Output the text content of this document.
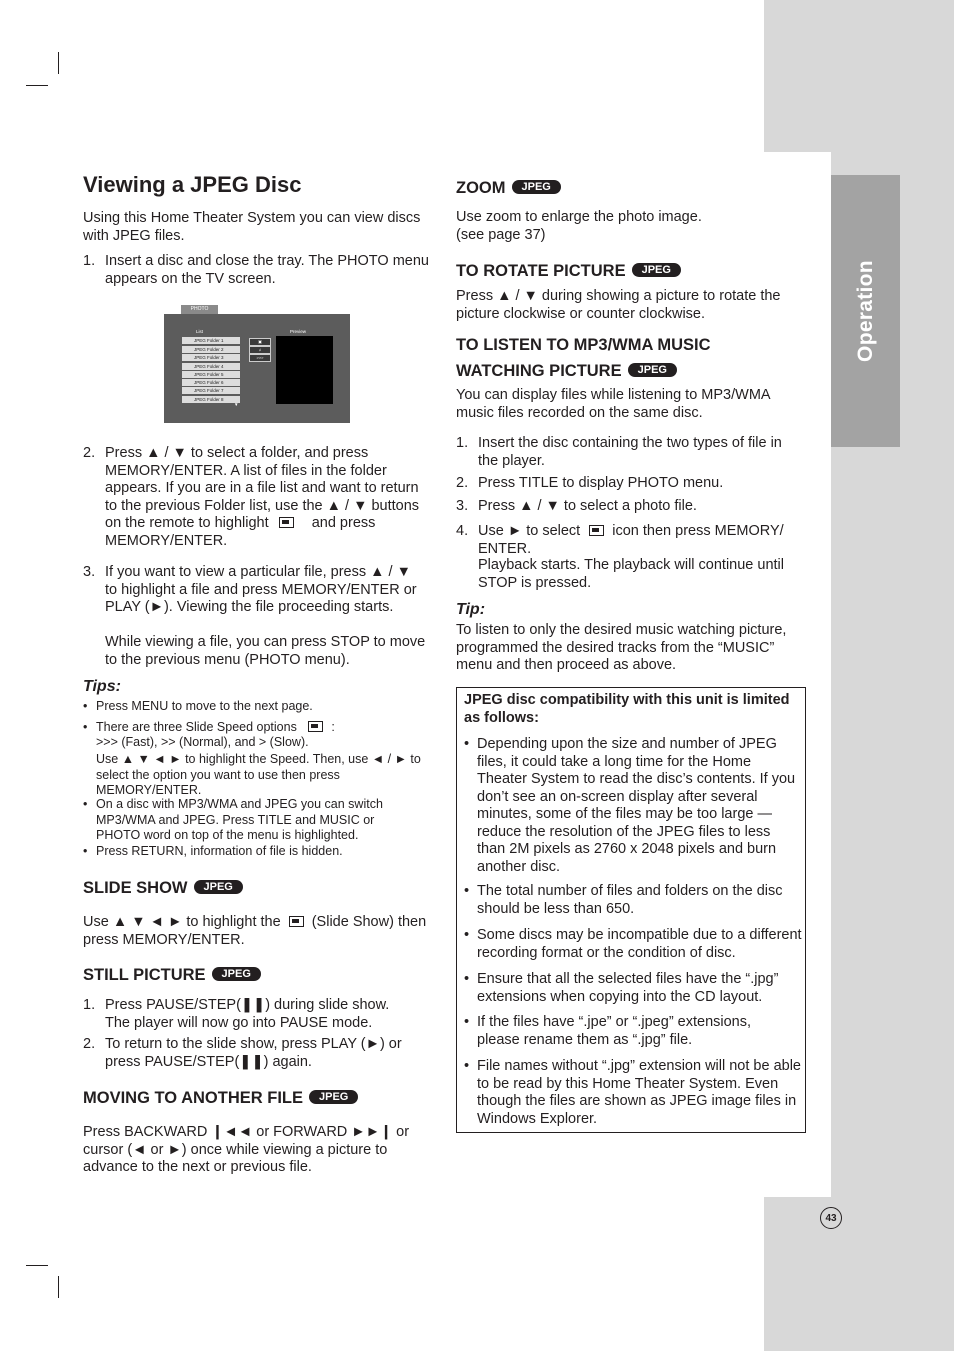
Operation
43
Viewing a JPEG Disc
Using this Home Theater System you can view discs with JPEG files.
1. Insert a disc and close the tray. The PHOTO menu appears on the TV screen.
PHOTO
List	Preview
JPEG Folder 1
JPEG Folder 2
JPEG Folder 3
JPEG Folder 4
JPEG Folder 5
JPEG Folder 6
JPEG Folder 7
JPEG Folder 8
▣
♫
>>>
▼
2. Press ▲ / ▼ to select a folder, and press MEMORY/ENTER. A list of files in the folder appears. If you are in a file list and want to return to the previous Folder list, use the ▲ / ▼ buttons on the remote to highlight	and press MEMORY/ENTER.
3. If you want to view a particular file, press ▲ / ▼ to highlight a file and press MEMORY/ENTER or PLAY (►). Viewing the file proceeding starts.
While viewing a file, you can press STOP to move to the previous menu (PHOTO menu).
Tips:
• Press MENU to move to the next page.
• There are three Slide Speed options	:
>>> (Fast), >> (Normal), and > (Slow).
Use ▲ ▼ ◄ ► to highlight the Speed. Then, use ◄ / ► to select the option you want to use then press MEMORY/ENTER.
• On a disc with MP3/WMA and JPEG you can switch MP3/WMA and JPEG. Press TITLE and MUSIC or PHOTO word on top of the menu is highlighted.
• Press RETURN, information of file is hidden.
SLIDE SHOW JPEG
Use ▲ ▼ ◄ ► to highlight the (Slide Show) then press MEMORY/ENTER.
STILL PICTURE JPEG
1. Press PAUSE/STEP(❚❚) during slide show. The player will now go into PAUSE mode.
2. To return to the slide show, press PLAY (►) or press PAUSE/STEP(❚❚) again.
MOVING TO ANOTHER FILE JPEG
Press BACKWARD ❙◄◄ or FORWARD ►►❙ or cursor (◄ or ►) once while viewing a picture to advance to the next or previous file.
ZOOM JPEG
Use zoom to enlarge the photo image. (see page 37)
TO ROTATE PICTURE JPEG
Press ▲ / ▼ during showing a picture to rotate the picture clockwise or counter clockwise.
TO LISTEN TO MP3/WMA MUSIC
WATCHING PICTURE JPEG
You can display files while listening to MP3/WMA music files recorded on the same disc.
1. Insert the disc containing the two types of file in the player.
2. Press TITLE to display PHOTO menu.
3. Press ▲ / ▼ to select a photo file.
4. Use ► to select icon then press MEMORY/ ENTER.
Playback starts. The playback will continue until STOP is pressed.
Tip:
To listen to only the desired music watching picture, programmed the desired tracks from the “MUSIC” menu and then proceed as above.
JPEG disc compatibility with this unit is limited as follows:
• Depending upon the size and number of JPEG files, it could take a long time for the Home Theater System to read the disc’s contents. If you don’t see an on-screen display after several minutes, some of the files may be too large — reduce the resolution of the JPEG files to less than 2M pixels as 2760 x 2048 pixels and burn another disc.
• The total number of files and folders on the disc should be less than 650.
• Some discs may be incompatible due to a different recording format or the condition of disc.
• Ensure that all the selected files have the “.jpg” extensions when copying into the CD layout.
• If the files have “.jpe” or “.jpeg” extensions, please rename them as “.jpg” file.
• File names without “.jpg” extension will not be able to be read by this Home Theater System. Even though the files are shown as JPEG image files in Windows Explorer.
